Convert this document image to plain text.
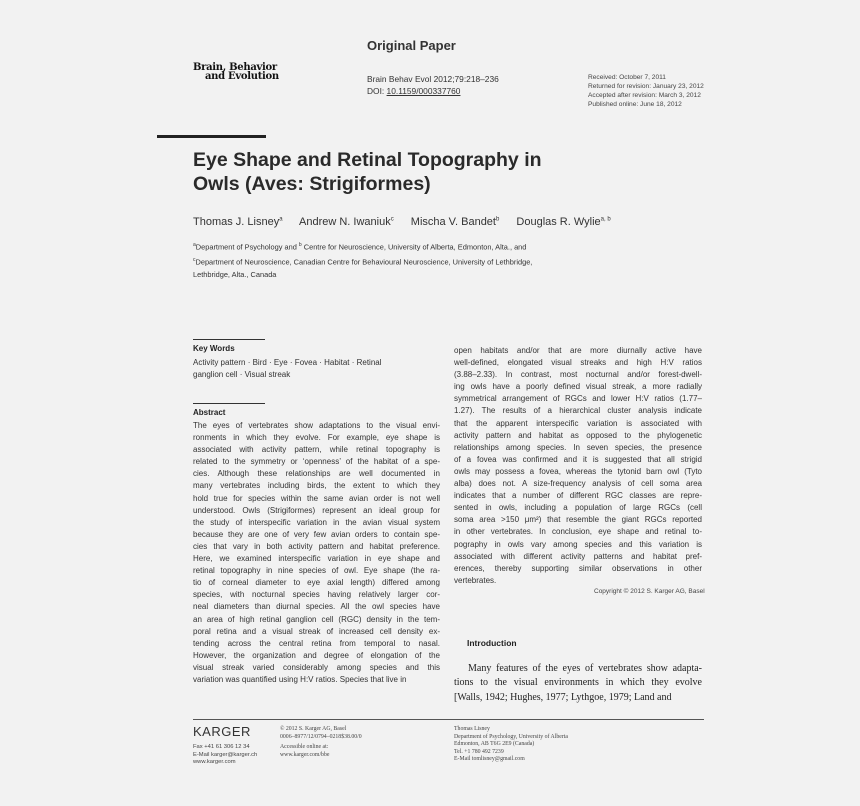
Original Paper
Brain, Behavior
and Evolution	Brain Behav Evol 2012;79:218–236
DOI: 10.1159/000337760
Received: October 7, 2011
Returned for revision: January 23, 2012
Accepted after revision: March 3, 2012
Published online: June 18, 2012
Eye Shape and Retinal Topography in
Owls (Aves: Strigiformes)
Thomas J. Lisney$^a$ Andrew N. Iwaniuk$^c$ Mischa V. Bandet$^b$ Douglas R. Wylie$^{a, b}$
$^a$Department of Psychology and $^b$ Centre for Neuroscience, University of Alberta, Edmonton, Alta., and
$^c$Department of Neuroscience, Canadian Centre for Behavioural Neuroscience, University of Lethbridge,
Lethbridge, Alta., Canada
Key Words
Activity pattern · Bird · Eye · Fovea · Habitat · Retinal
ganglion cell · Visual streak
Abstract
The eyes of vertebrates show adaptations to the visual envi-
ronments in which they evolve. For example, eye shape is
associated with activity pattern, while retinal topography is
related to the symmetry or ‘openness’ of the habitat of a spe-
cies. Although these relationships are well documented in
many vertebrates including birds, the extent to which they
hold true for species within the same avian order is not well
understood. Owls (Strigiformes) represent an ideal group for
the study of interspecific variation in the avian visual system
because they are one of very few avian orders to contain spe-
cies that vary in both activity pattern and habitat preference.
Here, we examined interspecific variation in eye shape and
retinal topography in nine species of owl. Eye shape (the ra-
tio of corneal diameter to eye axial length) differed among
species, with nocturnal species having relatively larger cor-
neal diameters than diurnal species. All the owl species have
an area of high retinal ganglion cell (RGC) density in the tem-
poral retina and a visual streak of increased cell density ex-
tending across the central retina from temporal to nasal.
However, the organization and degree of elongation of the
visual streak varied considerably among species and this
variation was quantified using H:V ratios. Species that live in
open habitats and/or that are more diurnally active have
well-defined, elongated visual streaks and high H:V ratios
(3.88–2.33). In contrast, most nocturnal and/or forest-dwell-
ing owls have a poorly defined visual streak, a more radially
symmetrical arrangement of RGCs and lower H:V ratios (1.77–
1.27). The results of a hierarchical cluster analysis indicate
that the apparent interspecific variation is associated with
activity pattern and habitat as opposed to the phylogenetic
relationships among species. In seven species, the presence
of a fovea was confirmed and it is suggested that all strigid
owls may possess a fovea, whereas the tytonid barn owl (Tyto
alba) does not. A size-frequency analysis of cell soma area
indicates that a number of different RGC classes are repre-
sented in owls, including a population of large RGCs (cell
soma area >150 μm²) that resemble the giant RGCs reported
in other vertebrates. In conclusion, eye shape and retinal to-
pography in owls vary among species and this variation is
associated with different activity patterns and habitat pref-
erences, thereby supporting similar observations in other
vertebrates.
Copyright © 2012 S. Karger AG, Basel
Introduction
Many features of the eyes of vertebrates show adapta-
tions to the visual environments in which they evolve
[Walls, 1942; Hughes, 1977; Lythgoe, 1979; Land and
KARGER
Fax +41 61 306 12 34
E-Mail karger@karger.ch
www.karger.com
© 2012 S. Karger AG, Basel
0006–8977/12/0794–0218$38.00/0
Accessible online at:
www.karger.com/bbe
Thomas Lisney
Department of Psychology, University of Alberta
Edmonton, AB T6G 2E9 (Canada)
Tel. +1 780 492 7239
E-Mail tomlisney@gmail.com
